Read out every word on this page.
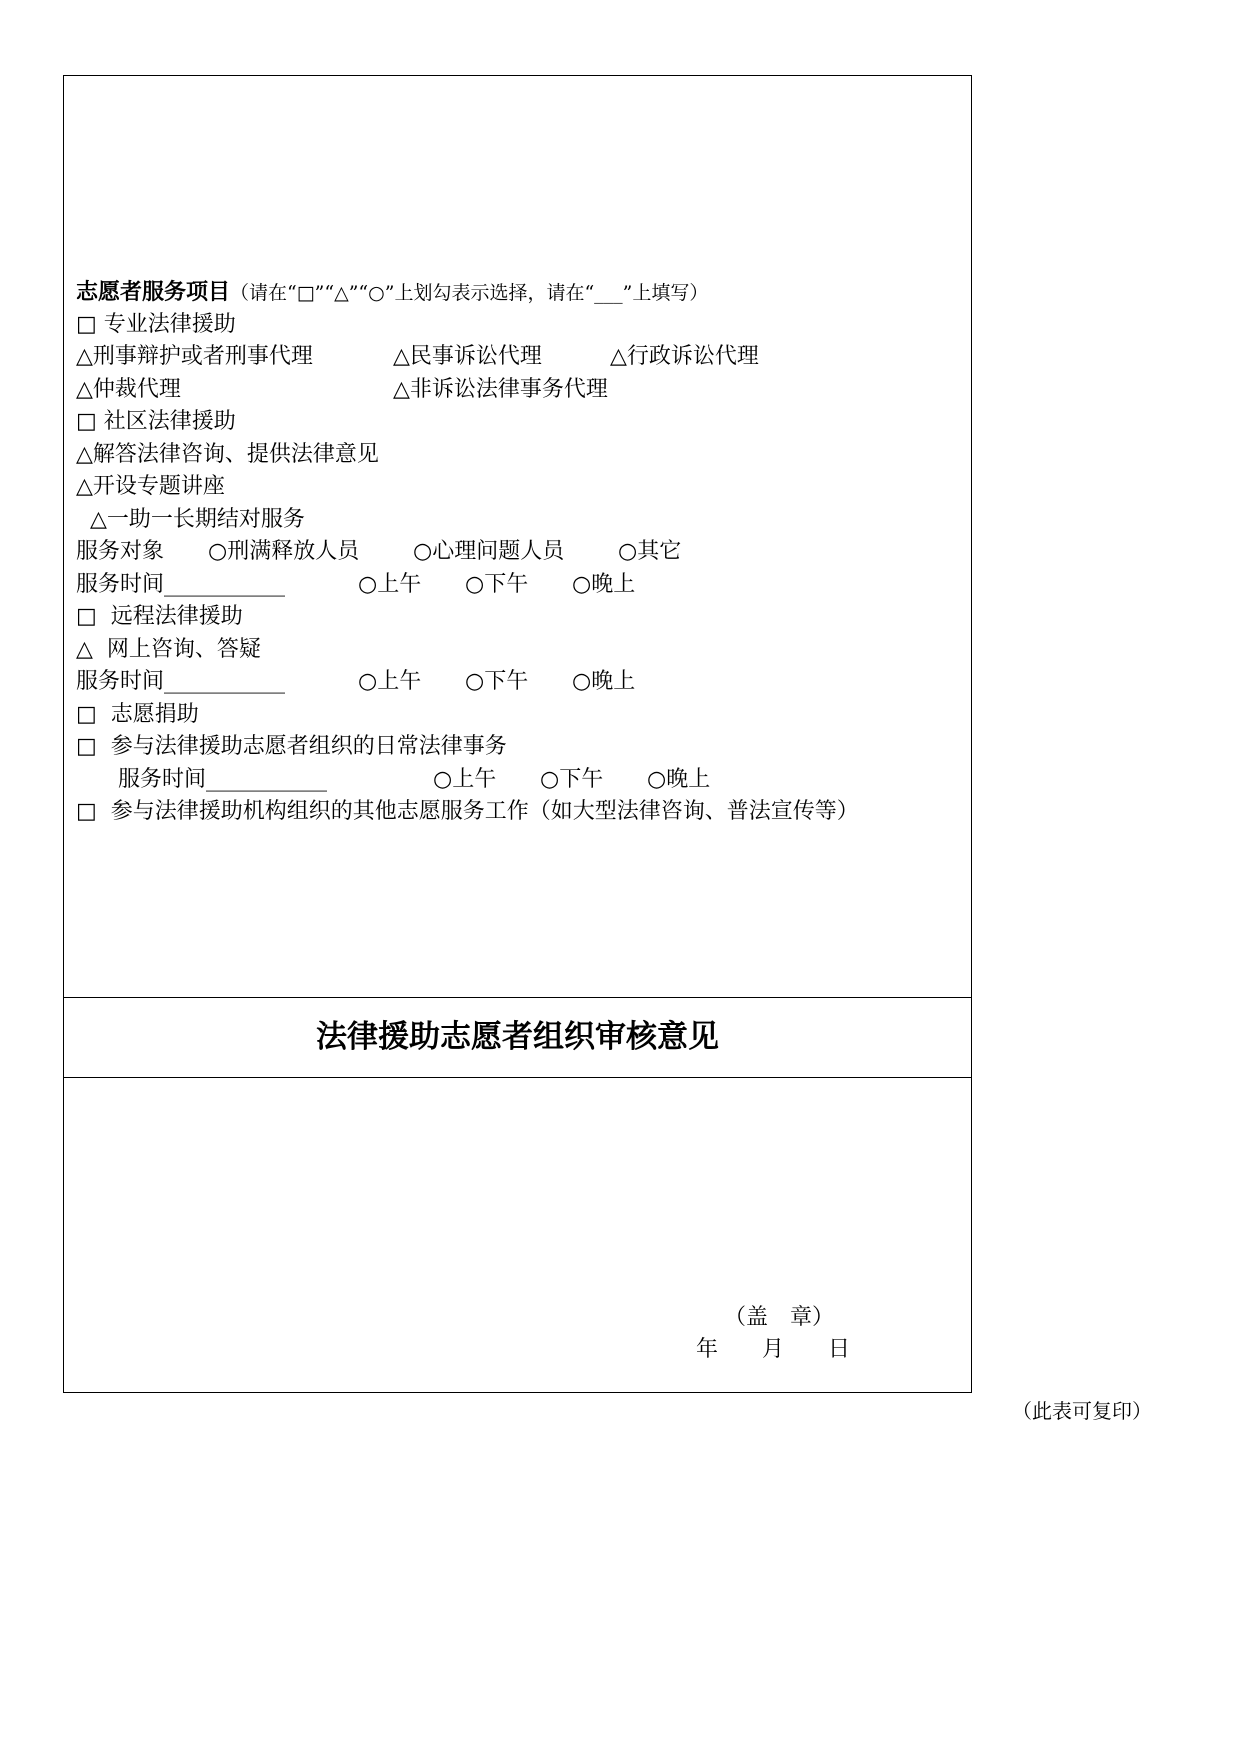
志愿者服务项目（请在“□”“△”“○”上划勾表示选择，请在“___”上填写）
□ 专业法律援助
△刑事辩护或者刑事代理	△民事诉讼代理	△行政诉讼代理
△仲裁代理	△非诉讼法律事务代理
□ 社区法律援助
△解答法律咨询、提供法律意见
△开设专题讲座
△一助一长期结对服务
服务对象 ○刑满释放人员 ○心理问题人员 ○其它
服务时间___________	○上午 ○下午 ○晚上
□  远程法律援助
△  网上咨询、答疑
服务时间___________	○上午 ○下午 ○晚上
□  志愿捐助
□  参与法律援助志愿者组织的日常法律事务
服务时间___________	○上午 ○下午 ○晚上
□  参与法律援助机构组织的其他志愿服务工作（如大型法律咨询、普法宣传等）
法律援助志愿者组织审核意见
（盖　章）
年　　月　　日
（此表可复印）
